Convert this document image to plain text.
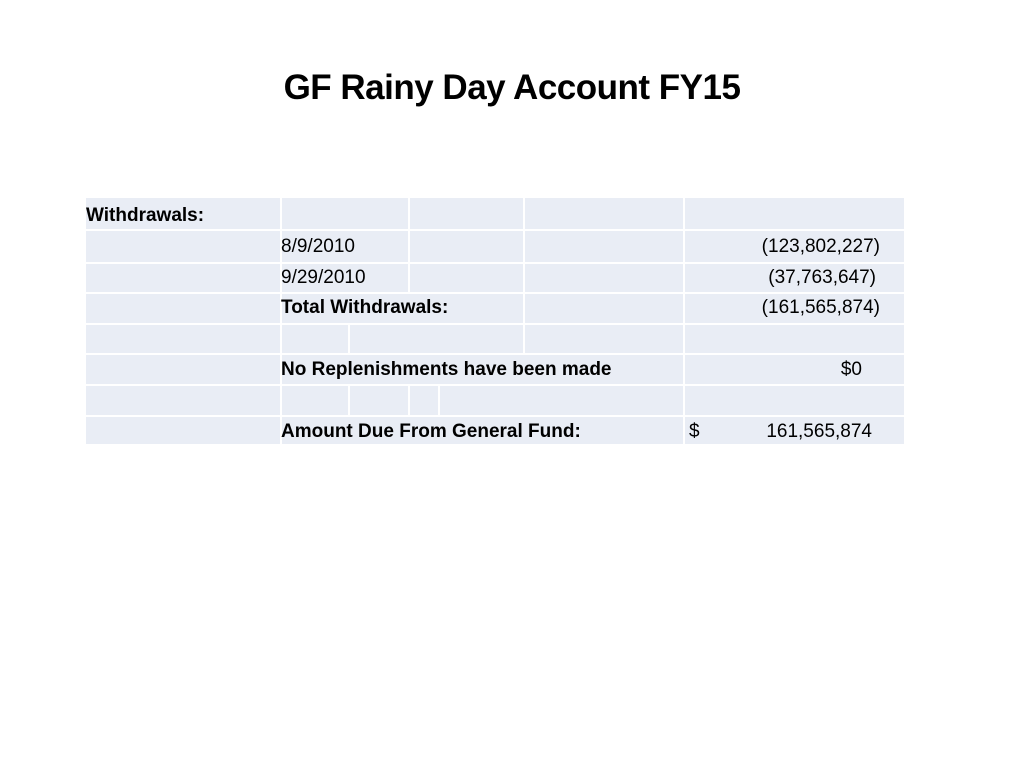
GF Rainy Day Account FY15
Withdrawals:
8/9/2010	(123,802,227)
9/29/2010	(37,763,647)
Total Withdrawals:	(161,565,874)
No Replenishments have been made	$0
Amount Due From General Fund:	$	161,565,874
